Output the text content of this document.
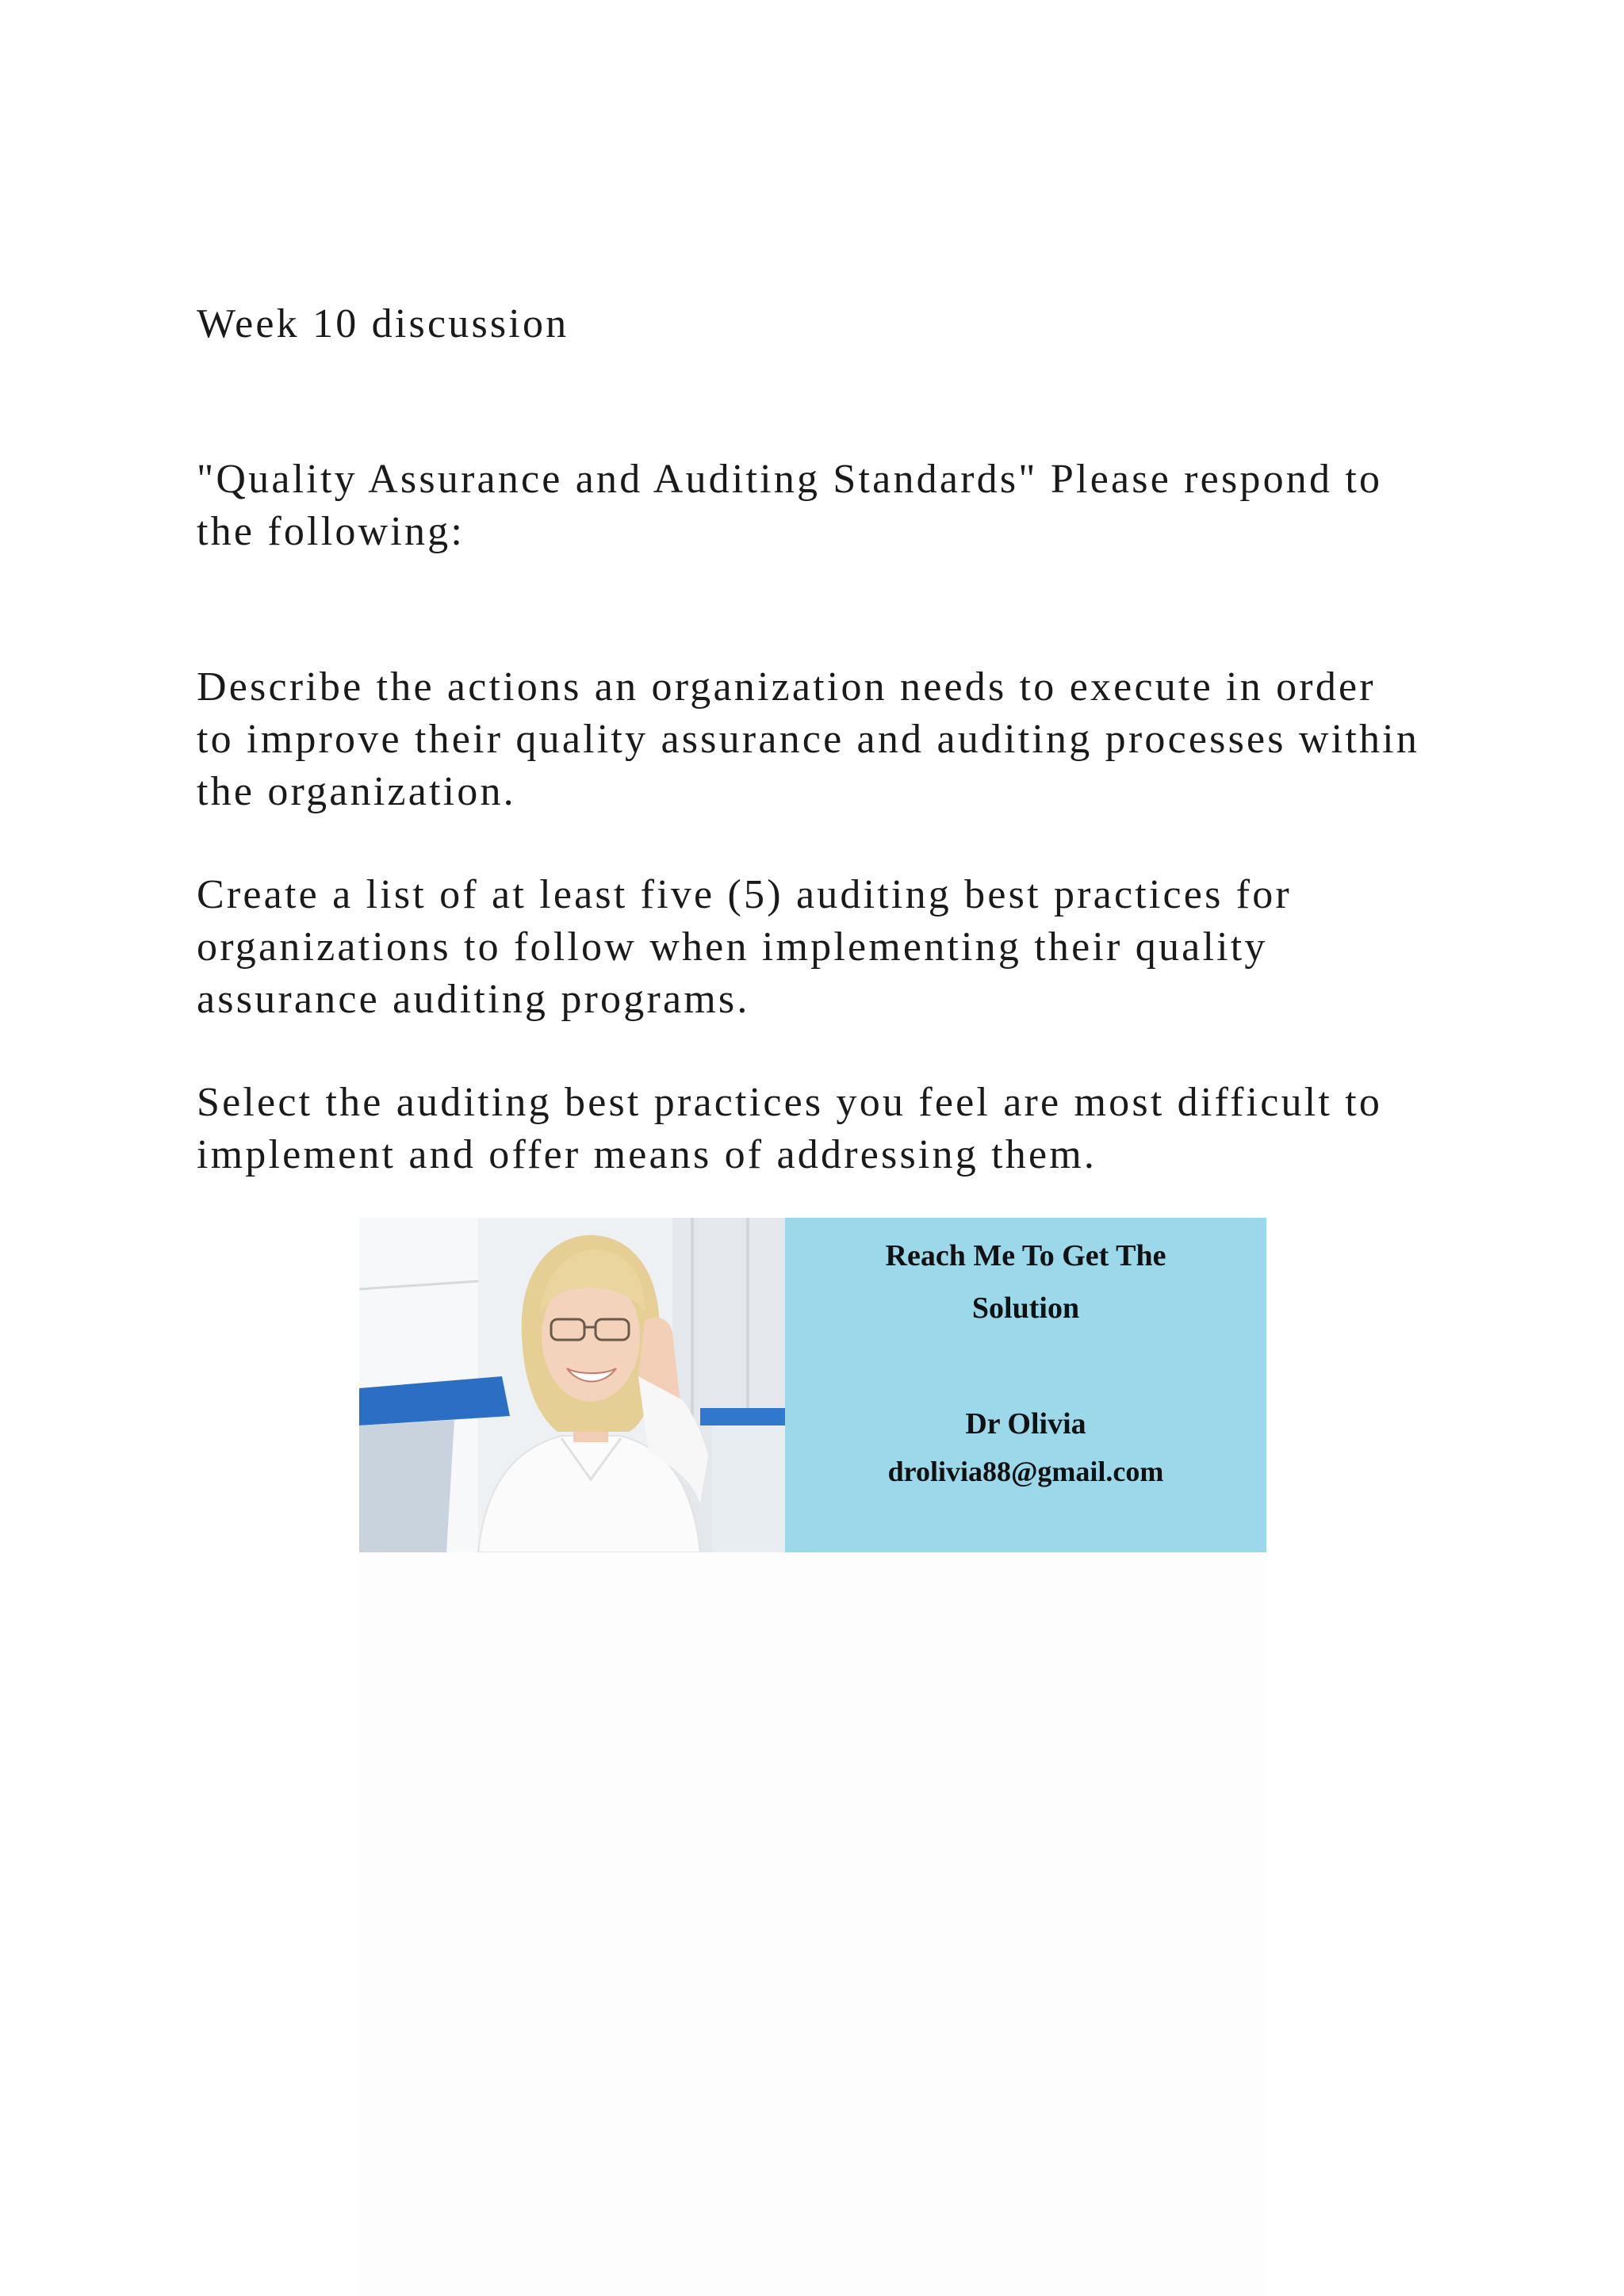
Week 10 discussion

"Quality Assurance and Auditing Standards" Please respond to
the following:

Describe the actions an organization needs to execute in order
to improve their quality assurance and auditing processes within
the organization.

Create a list of at least five (5) auditing best practices for
organizations to follow when implementing their quality
assurance auditing programs.

Select the auditing best practices you feel are most difficult to
implement and offer means of addressing them.

Reach Me To Get The
Solution
Dr Olivia
drolivia88@gmail.com
